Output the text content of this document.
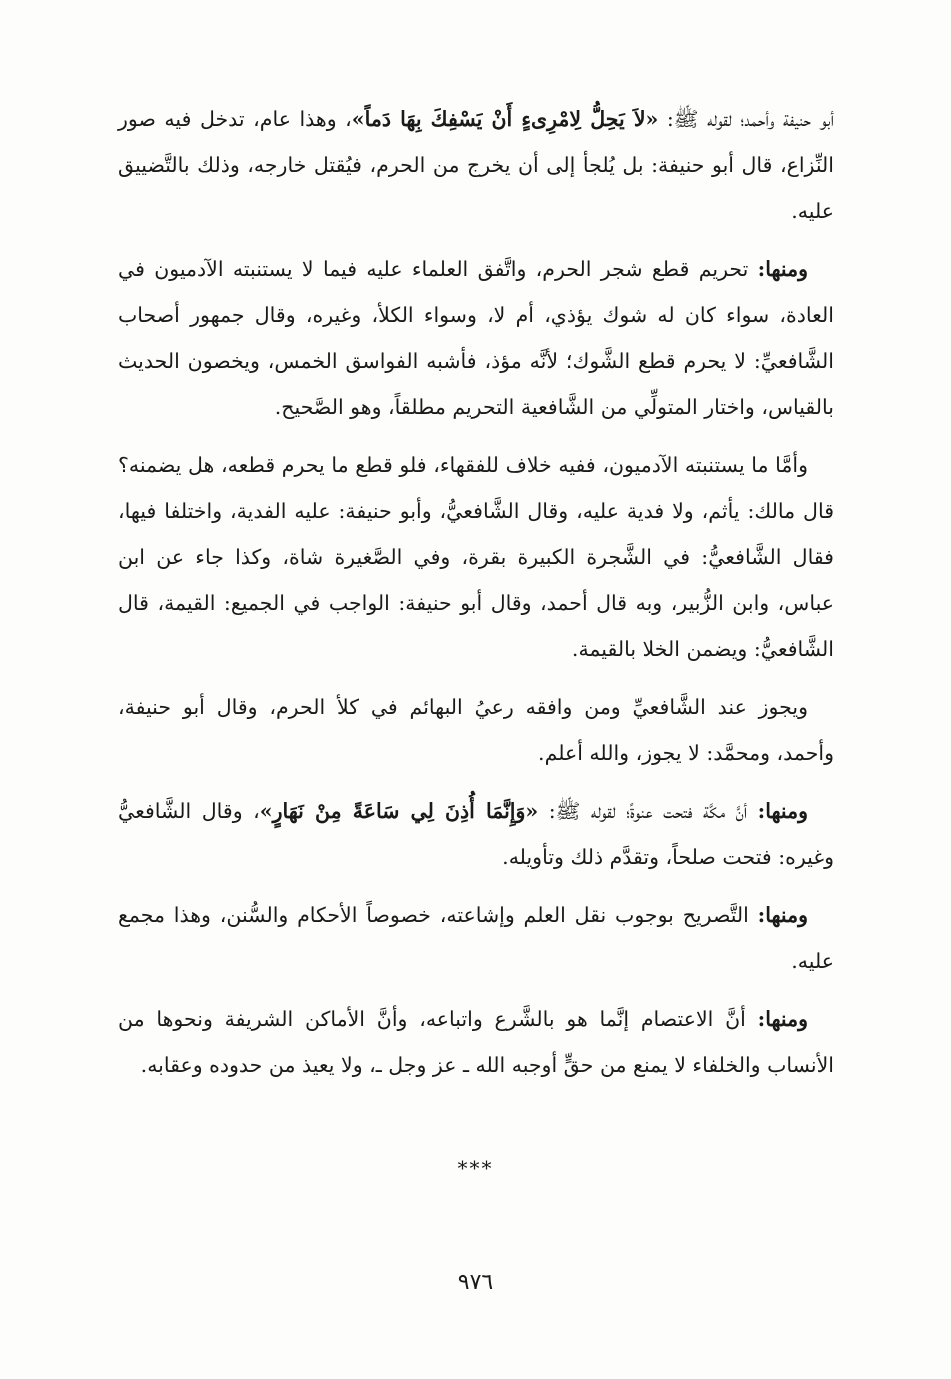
أبو حنيفة وأحمد؛ لقوله ﷺ: «لاَ يَحِلُّ لِامْرِىءٍ أَنْ يَسْفِكَ بِهَا دَماً»، وهذا عام، تدخل فيه صور النِّزاع، قال أبو حنيفة: بل يُلجأ إلى أن يخرج من الحرم، فيُقتل خارجه، وذلك بالتَّضييق عليه.

ومنها: تحريم قطع شجر الحرم، واتَّفق العلماء عليه فيما لا يستنبته الآدميون في العادة، سواء كان له شوك يؤذي، أم لا، وسواء الكلأ، وغيره، وقال جمهور أصحاب الشَّافعيِّ: لا يحرم قطع الشَّوك؛ لأنَّه مؤذ، فأشبه الفواسق الخمس، ويخصون الحديث بالقياس، واختار المتولِّي من الشَّافعية التحريم مطلقاً، وهو الصَّحيح.

وأمَّا ما يستنبته الآدميون، ففيه خلاف للفقهاء، فلو قطع ما يحرم قطعه، هل يضمنه؟ قال مالك: يأثم، ولا فدية عليه، وقال الشَّافعيُّ، وأبو حنيفة: عليه الفدية، واختلفا فيها، فقال الشَّافعيُّ: في الشَّجرة الكبيرة بقرة، وفي الصَّغيرة شاة، وكذا جاء عن ابن عباس، وابن الزُّبير، وبه قال أحمد، وقال أبو حنيفة: الواجب في الجميع: القيمة، قال الشَّافعيُّ: ويضمن الخلا بالقيمة.

ويجوز عند الشَّافعيِّ ومن وافقه رعيُ البهائم في كلأ الحرم، وقال أبو حنيفة، وأحمد، ومحمَّد: لا يجوز، والله أعلم.

ومنها: أنَّ مكَّة فتحت عنوةً؛ لقوله ﷺ: «وَإِنَّمَا أُذِنَ لِي سَاعَةً مِنْ نَهَارٍ»، وقال الشَّافعيُّ وغيره: فتحت صلحاً، وتقدَّم ذلك وتأويله.

ومنها: التَّصريح بوجوب نقل العلم وإشاعته، خصوصاً الأحكام والسُّنن، وهذا مجمع عليه.

ومنها: أنَّ الاعتصام إنَّما هو بالشَّرع واتباعه، وأنَّ الأماكن الشريفة ونحوها من الأنساب والخلفاء لا يمنع من حقٍّ أوجبه الله ـ عز وجل ـ، ولا يعيذ من حدوده وعقابه.

***
٩٧٦
